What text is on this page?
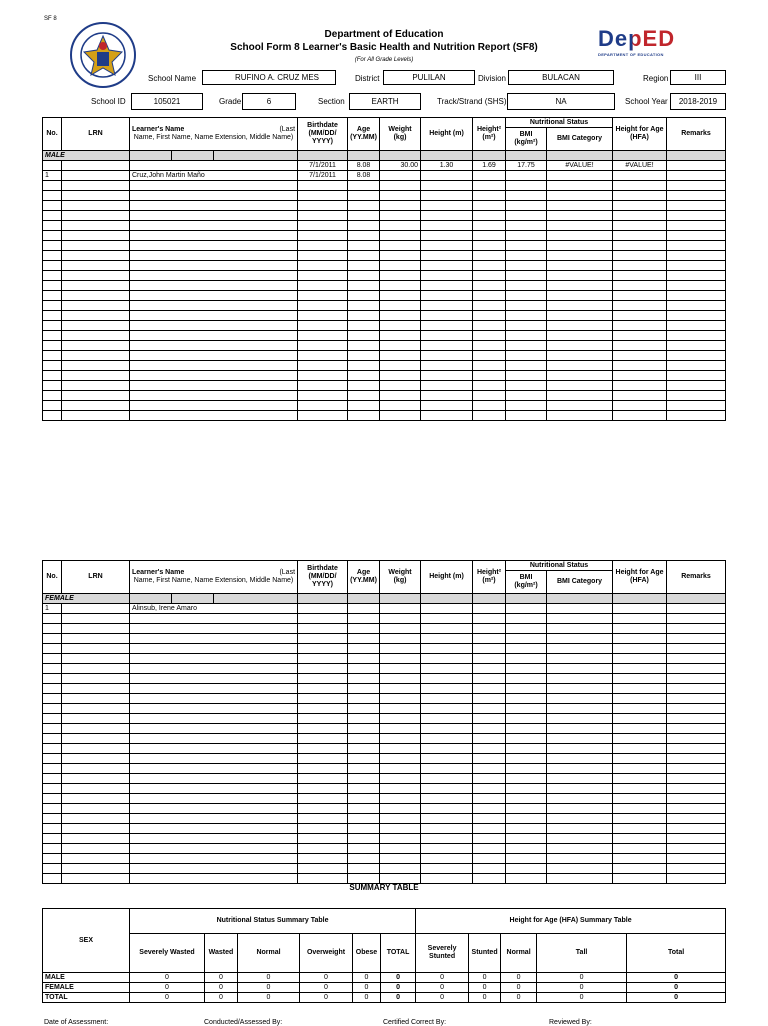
SF 8
Department of Education
School Form 8 Learner's Basic Health and Nutrition Report (SF8)
(For All Grade Levels)
DepED
DEPARTMENT OF EDUCATION
School Name	RUFINO A. CRUZ MES	District	PULILAN	Division	BULACAN	Region	III
School ID	105021	Grade	6	Section	EARTH	Track/Strand (SHS)	NA	School Year	2018-2019
No.	LRN	Learner's Name (Last
Name, First Name, Name Extension, Middle Name)			Birthdate (MM/DD/ YYYY)	Age (YY.MM)	Weight (kg)	Height (m)	Height² (m²)	Nutritional Status		Height for Age (HFA)	Remarks
										BMI (kg/m²)	BMI Category		
MALE													
					7/1/2011	8.08	30.00	1.30	1.69	17.75	#VALUE!	#VALUE!	
1		Cruz,John Martin Maño			7/1/2011	8.08							

No.	LRN	Learner's Name (Last
Name, First Name, Name Extension, Middle Name)			Birthdate (MM/DD/ YYYY)	Age (YY.MM)	Weight (kg)	Height (m)	Height² (m²)	Nutritional Status		Height for Age (HFA)	Remarks
										BMI (kg/m²)	BMI Category		
FEMALE													
1		Alinsub, Irene Amaro											

SUMMARY TABLE
SEX	Nutritional Status Summary Table						Height for Age (HFA) Summary Table				
	Severely Wasted	Wasted	Normal	Overweight	Obese	TOTAL	Severely Stunted	Stunted	Normal	Tall	Total
MALE	0	0	0	0	0	0	0	0	0	0	0
FEMALE	0	0	0	0	0	0	0	0	0	0	0
TOTAL	0	0	0	0	0	0	0	0	0	0	0
Date of Assessment:	Conducted/Assessed By:	Certified Correct By:	Reviewed By:
